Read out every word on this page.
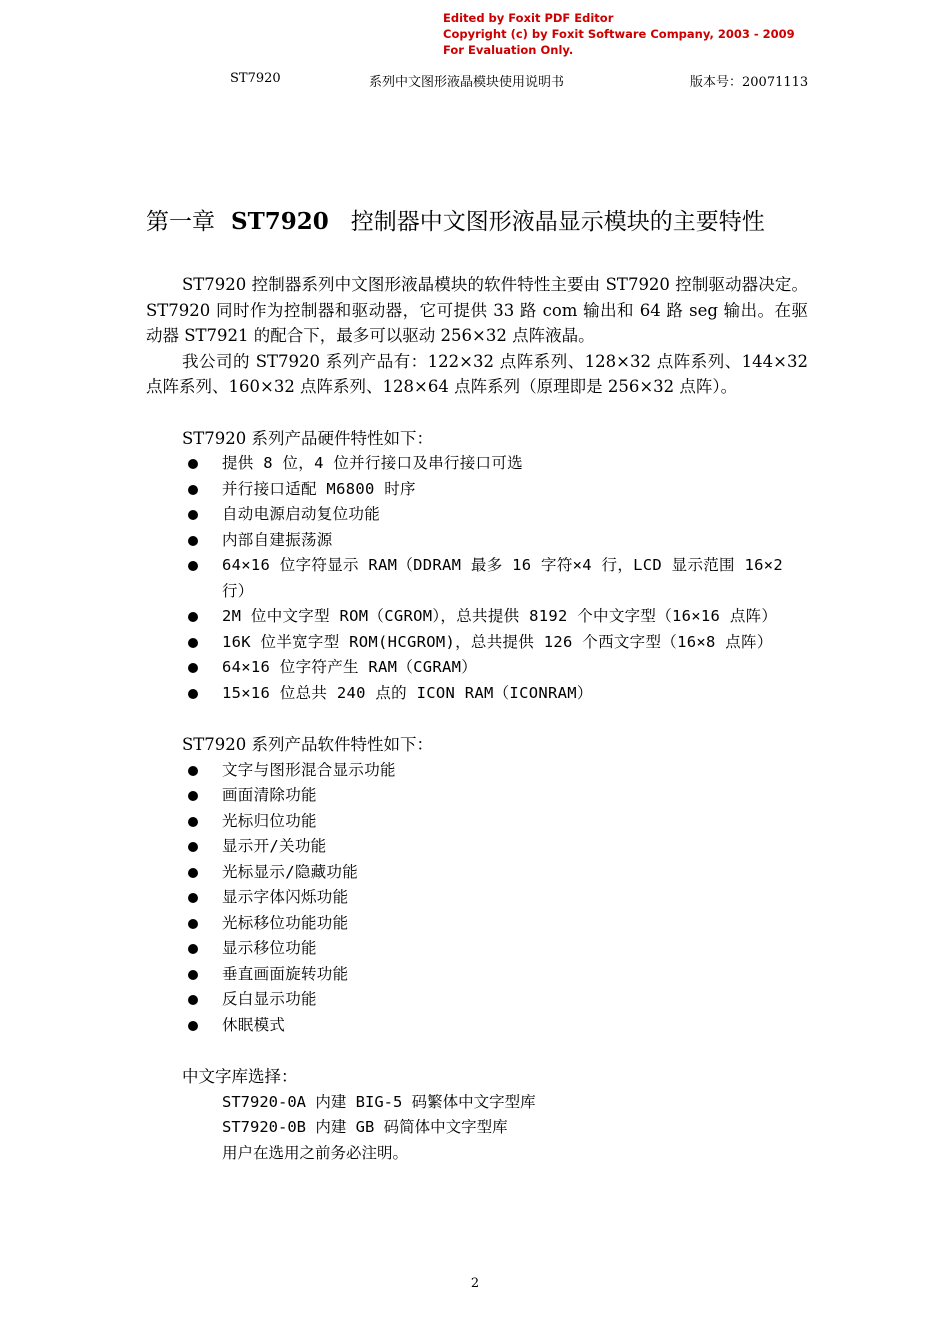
Edited by Foxit PDF Editor
Copyright (c) by Foxit Software Company, 2003 - 2009
For Evaluation Only.
ST7920	系列中文图形液晶模块使用说明书	版本号：20071113
第一章 ST7920 控制器中文图形液晶显示模块的主要特性

ST7920 控制器系列中文图形液晶模块的软件特性主要由 ST7920 控制驱动器决定。ST7920 同时作为控制器和驱动器，它可提供 33 路 com 输出和 64 路 seg 输出。在驱动器 ST7921 的配合下，最多可以驱动 256×32 点阵液晶。

我公司的 ST7920 系列产品有：122×32 点阵系列、128×32 点阵系列、144×32 点阵系列、160×32 点阵系列、128×64 点阵系列（原理即是 256×32 点阵）。

ST7920 系列产品硬件特性如下：

提供 8 位，4 位并行接口及串行接口可选
并行接口适配 M6800 时序
自动电源启动复位功能
内部自建振荡源
64×16 位字符显示 RAM（DDRAM 最多 16 字符×4 行，LCD 显示范围 16×2 行）
2M 位中文字型 ROM（CGROM），总共提供 8192 个中文字型（16×16 点阵）
16K 位半宽字型 ROM(HCGROM)，总共提供 126 个西文字型（16×8 点阵）
64×16 位字符产生 RAM（CGRAM）
15×16 位总共 240 点的 ICON RAM（ICONRAM）

ST7920 系列产品软件特性如下：

文字与图形混合显示功能
画面清除功能
光标归位功能
显示开/关功能
光标显示/隐藏功能
显示字体闪烁功能
光标移位功能功能
显示移位功能
垂直画面旋转功能
反白显示功能
休眠模式

中文字库选择：

ST7920-0A 内建 BIG-5 码繁体中文字型库
ST7920-0B 内建 GB 码简体中文字型库
用户在选用之前务必注明。
2
